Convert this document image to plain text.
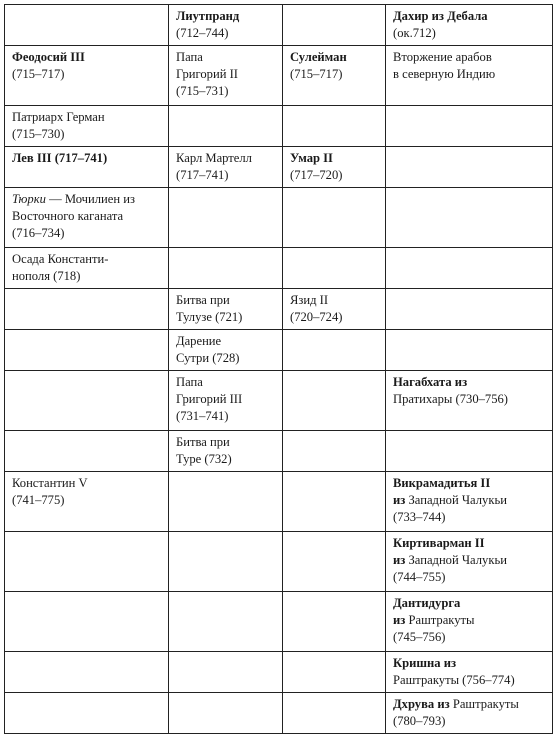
	Лиутпранд
(712–744)		Дахир из Дебала
(ок.712)

Феодосий III
(715–717)	Папа
Григорий II
(715–731)	Сулейман
(715–717)	Вторжение арабов
в северную Индию

Патриарх Герман
(715–730)			

Лев III (717–741)	Карл Мартелл
(717–741)	Умар II
(717–720)	

Тюрки — Мочилиен из
Восточного каганата
(716–734)			

Осада Константи-
нополя (718)			

	Битва при
Тулузе (721)	Язид II
(720–724)	

	Дарение
Сутри (728)		

	Папа
Григорий III
(731–741)		Нагабхата из
Пратихары (730–756)

	Битва при
Туре (732)		

Константин V
(741–775)			Викрамадитья II
из Западной Чалукьи
(733–744)

			Киртиварман II
из Западной Чалукьи
(744–755)

			Дантидурга
из Раштракуты
(745–756)

			Кришна из
Раштракуты (756–774)

			Дхрува из Раштракуты
(780–793)
